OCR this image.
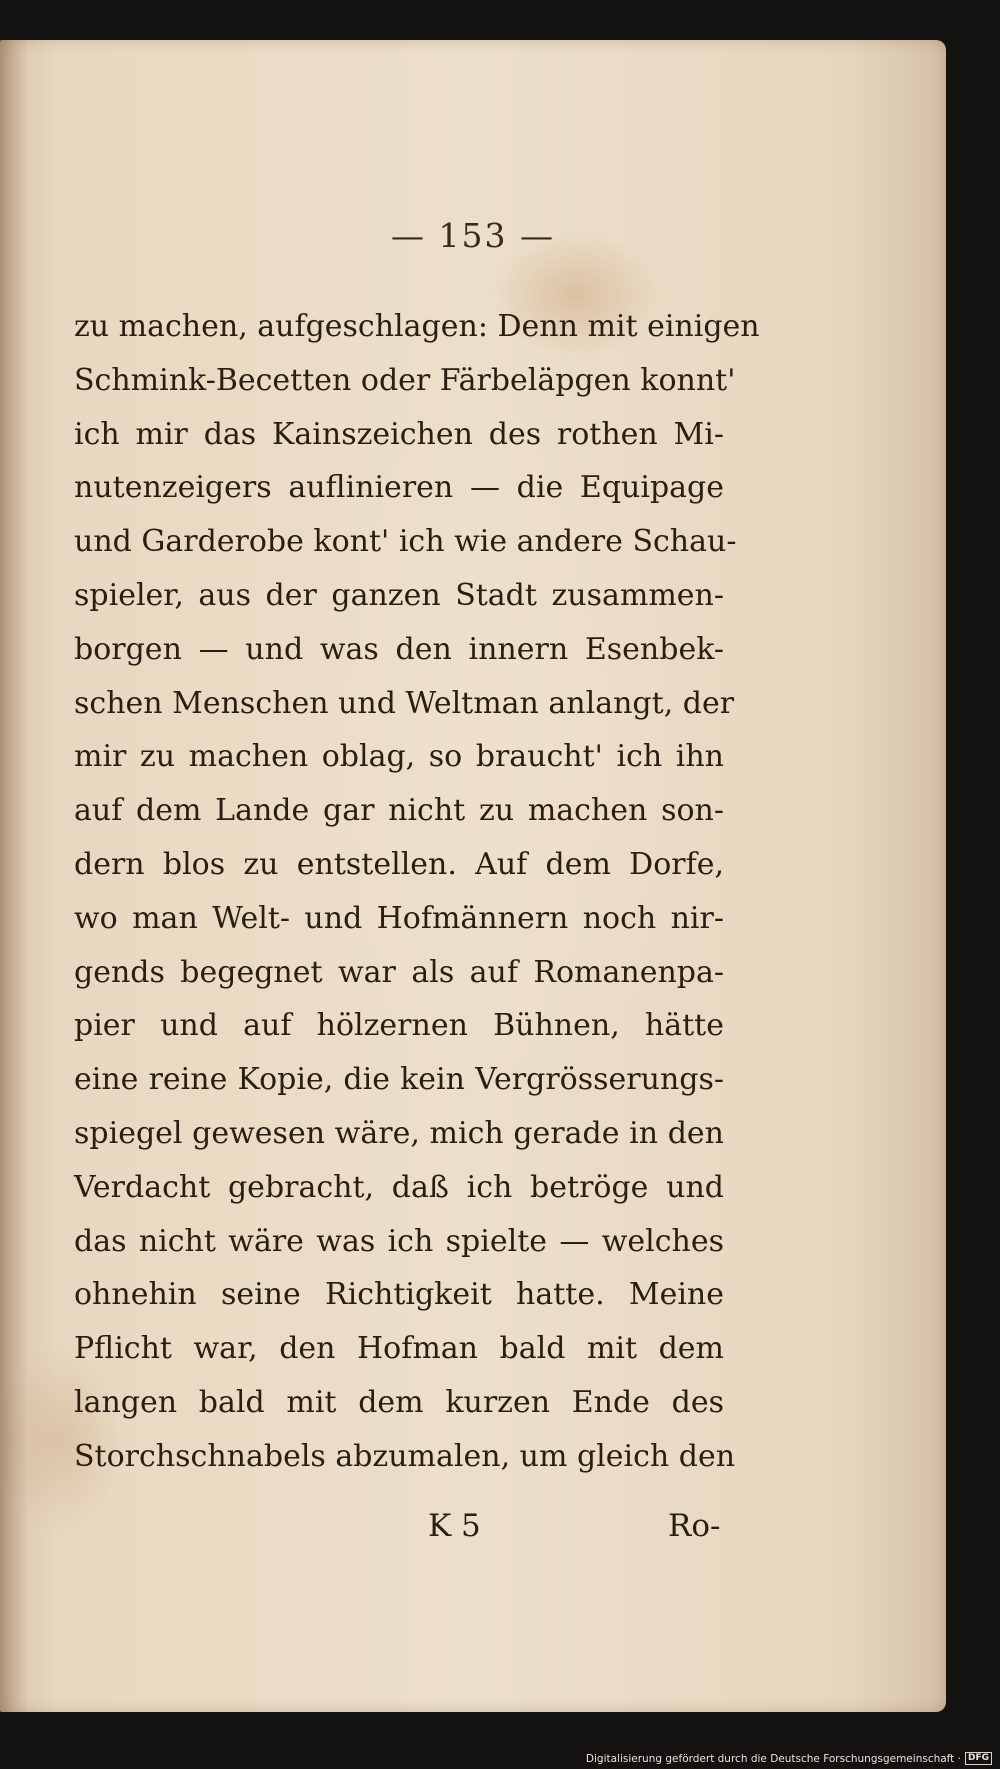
— 153 —
zu machen, aufgeschlagen: Denn mit einigen
Schmink-Becetten oder Färbeläpgen konnt'
ich mir das Kainszeichen des rothen Mi-
nutenzeigers auflinieren — die Equipage
und Garderobe kont' ich wie andere Schau-
spieler, aus der ganzen Stadt zusammen-
borgen — und was den innern Esenbek-
schen Menschen und Weltman anlangt, der
mir zu machen oblag, so braucht' ich ihn
auf dem Lande gar nicht zu machen son-
dern blos zu entstellen. Auf dem Dorfe,
wo man Welt- und Hofmännern noch nir-
gends begegnet war als auf Romanenpa-
pier und auf hölzernen Bühnen, hätte
eine reine Kopie, die kein Vergrösserungs-
spiegel gewesen wäre, mich gerade in den
Verdacht gebracht, daß ich betröge und
das nicht wäre was ich spielte — welches
ohnehin seine Richtigkeit hatte. Meine
Pflicht war, den Hofman bald mit dem
langen bald mit dem kurzen Ende des
Storchschnabels abzumalen, um gleich den
K 5	Ro-
Digitalisierung gefördert durch die Deutsche Forschungsgemeinschaft · DFG
